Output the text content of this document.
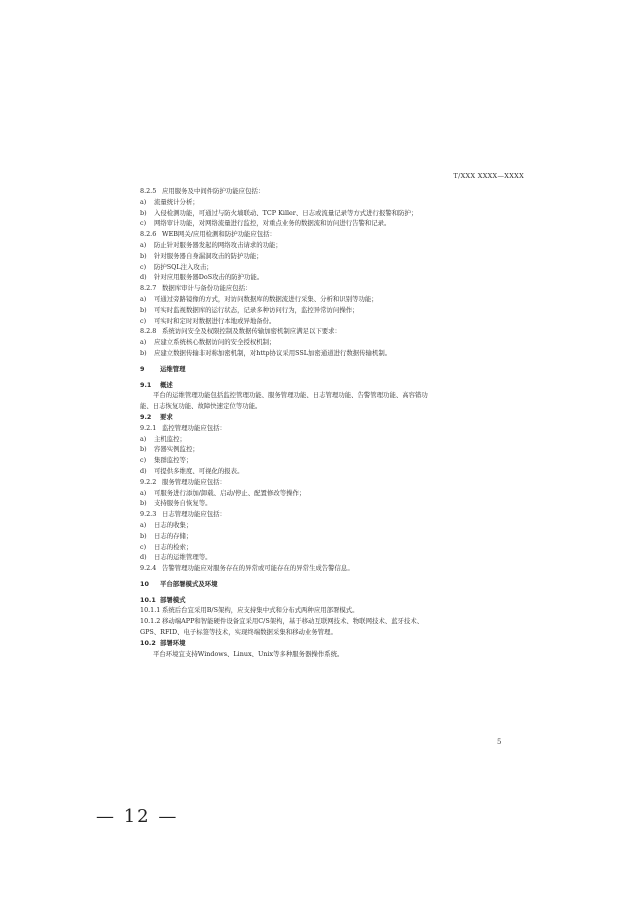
T/XXX XXXX—XXXX
8.2.5 应用服务及中间件防护功能应包括：
a) 流量统计分析；
b) 入侵检测功能，可通过与防火墙联动、TCP Killer、日志或流量记录等方式进行报警和防护；
c) 网络审计功能，对网络流量进行监控，对重点业务的数据流和访问进行告警和记录。
8.2.6 WEB网关/应用检测和防护功能应包括：
a) 防止针对服务器发起的网络攻击请求的功能；
b) 针对服务器自身漏洞攻击的防护功能；
c) 防护SQL注入攻击；
d) 针对应用服务器DoS攻击的防护功能。
8.2.7 数据库审计与备份功能应包括：
a) 可通过旁路镜像的方式，对访问数据库的数据流进行采集、分析和识别等功能；
b) 可实时监视数据库的运行状态，记录多种访问行为，监控异常访问操作；
c) 可实时和定时对数据进行本地或异地备份。
8.2.8 系统访问安全及权限控制及数据传输加密机制应满足以下要求：
a) 应建立系统核心数据访问的安全授权机制；
b) 应建立数据传输非对称加密机制，对http协议采用SSL加密通道进行数据传输机制。
9 运维管理
9.1 概述
平台的运维管理功能包括监控管理功能、服务管理功能、日志管理功能、告警管理功能、高容错功
能、日志恢复功能、故障快速定位等功能。
9.2 要求
9.2.1 监控管理功能应包括：
a) 主机监控；
b) 容器实例监控；
c) 集群监控等；
d) 可提供多维度、可视化的报表。
9.2.2 服务管理功能应包括：
a) 可服务进行添加/卸载、启动/停止、配置修改等操作；
b) 支持服务自恢复等。
9.2.3 日志管理功能应包括：
a) 日志的收集；
b) 日志的存储；
c) 日志的检索；
d) 日志的运维管理等。
9.2.4 告警管理功能应对服务存在的异常或可能存在的异常生成告警信息。
10 平台部署模式及环境
10.1 部署模式
10.1.1 系统后台宜采用B/S架构，应支持集中式和分布式两种应用部署模式。
10.1.2 移动端APP和智能硬件设备宜采用C/S架构，基于移动互联网技术、物联网技术、蓝牙技术、
GPS、RFID、电子标签等技术，实现终端数据采集和移动业务管理。
10.2 部署环境
平台环境宜支持Windows、Linux、Unix等多种服务器操作系统。
5
— 12 —
